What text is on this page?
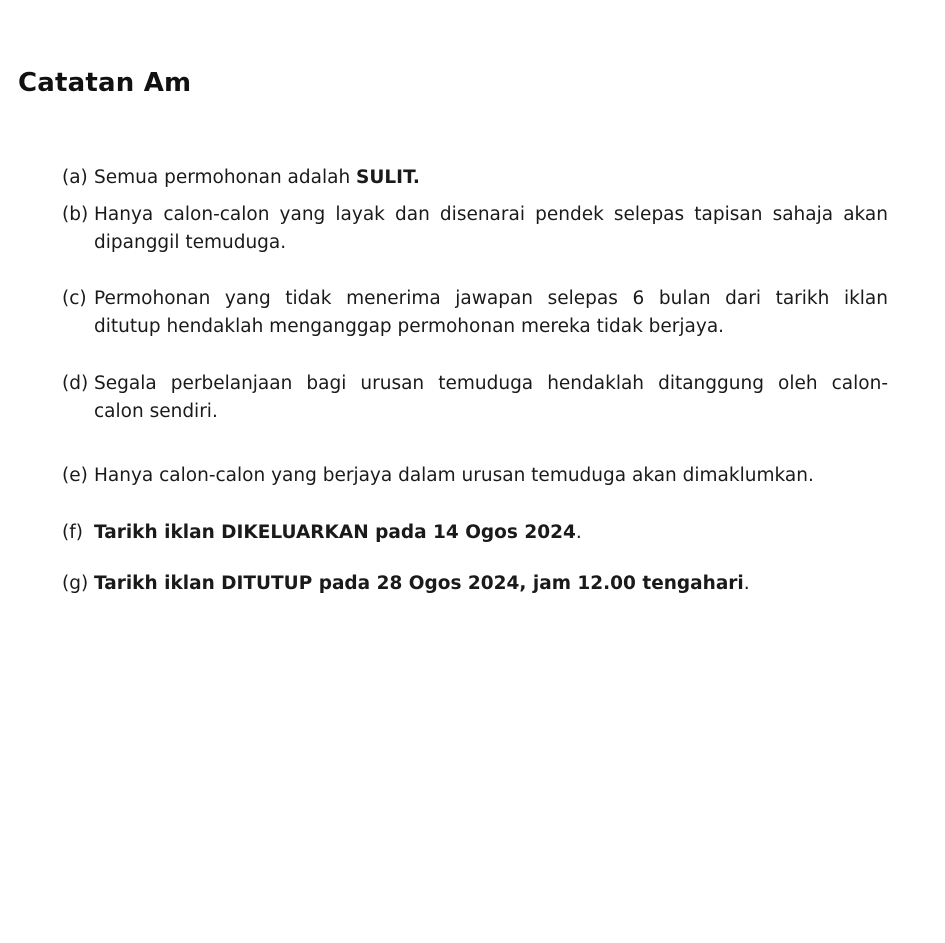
Catatan Am
(a) Semua permohonan adalah SULIT.
(b) Hanya calon-calon yang layak dan disenarai pendek selepas tapisan sahaja akan
dipanggil temuduga.
(c) Permohonan yang tidak menerima jawapan selepas 6 bulan dari tarikh iklan
ditutup hendaklah menganggap permohonan mereka tidak berjaya.
(d) Segala perbelanjaan bagi urusan temuduga hendaklah ditanggung oleh calon-
calon sendiri.
(e) Hanya calon-calon yang berjaya dalam urusan temuduga akan dimaklumkan.
(f) Tarikh iklan DIKELUARKAN pada 14 Ogos 2024.
(g) Tarikh iklan DITUTUP pada 28 Ogos 2024, jam 12.00 tengahari.
